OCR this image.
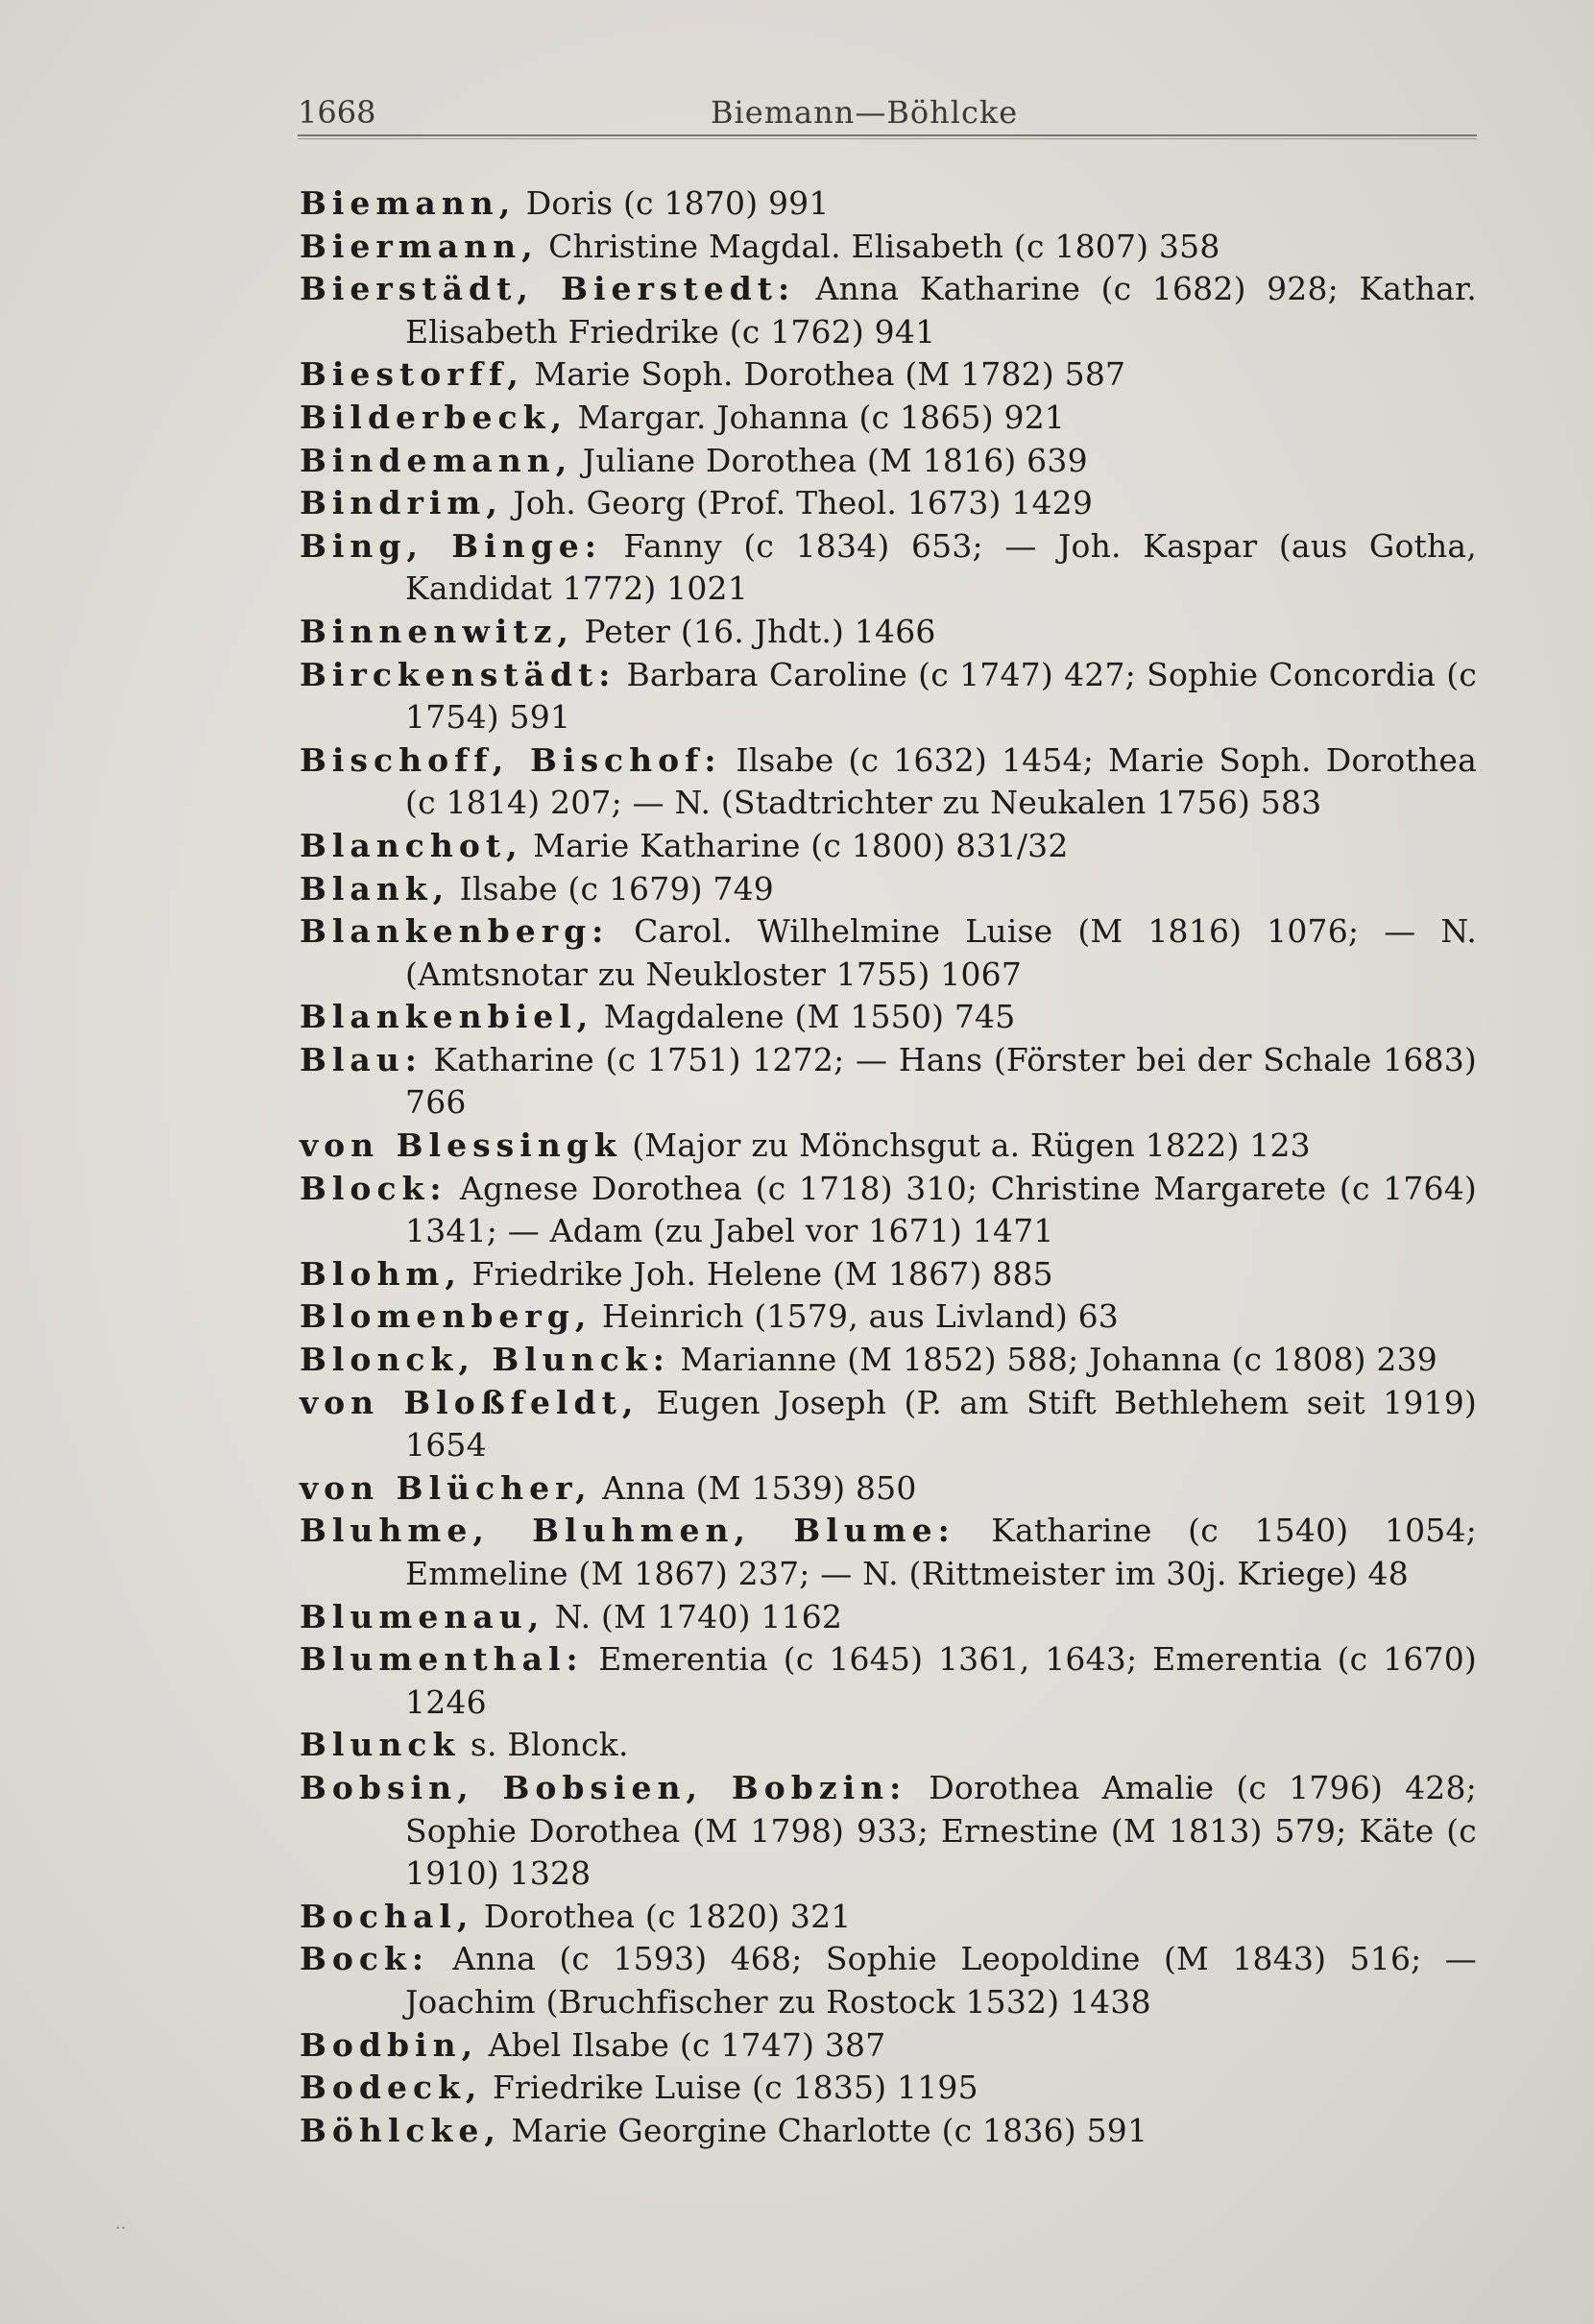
1668	Biemann—Böhlcke
Biemann, Doris (c 1870) 991
Biermann, Christine Magdal. Elisabeth (c 1807) 358
Bierstädt, Bierstedt: Anna Katharine (c 1682) 928; Kathar. Elisabeth Friedrike (c 1762) 941
Biestorff, Marie Soph. Dorothea (M 1782) 587
Bilderbeck, Margar. Johanna (c 1865) 921
Bindemann, Juliane Dorothea (M 1816) 639
Bindrim, Joh. Georg (Prof. Theol. 1673) 1429
Bing, Binge: Fanny (c 1834) 653; — Joh. Kaspar (aus Gotha, Kandidat 1772) 1021
Binnenwitz, Peter (16. Jhdt.) 1466
Birckenstädt: Barbara Caroline (c 1747) 427; Sophie Concordia (c 1754) 591
Bischoff, Bischof: Ilsabe (c 1632) 1454; Marie Soph. Dorothea (c 1814) 207; — N. (Stadtrichter zu Neukalen 1756) 583
Blanchot, Marie Katharine (c 1800) 831/32
Blank, Ilsabe (c 1679) 749
Blankenberg: Carol. Wilhelmine Luise (M 1816) 1076; — N. (Amtsnotar zu Neukloster 1755) 1067
Blankenbiel, Magdalene (M 1550) 745
Blau: Katharine (c 1751) 1272; — Hans (Förster bei der Schale 1683) 766
von Blessingk (Major zu Mönchsgut a. Rügen 1822) 123
Block: Agnese Dorothea (c 1718) 310; Christine Margarete (c 1764) 1341; — Adam (zu Jabel vor 1671) 1471
Blohm, Friedrike Joh. Helene (M 1867) 885
Blomenberg, Heinrich (1579, aus Livland) 63
Blonck, Blunck: Marianne (M 1852) 588; Johanna (c 1808) 239
von Bloßfeldt, Eugen Joseph (P. am Stift Bethlehem seit 1919) 1654
von Blücher, Anna (M 1539) 850
Bluhme, Bluhmen, Blume: Katharine (c 1540) 1054; Emmeline (M 1867) 237; — N. (Rittmeister im 30j. Kriege) 48
Blumenau, N. (M 1740) 1162
Blumenthal: Emerentia (c 1645) 1361, 1643; Emerentia (c 1670) 1246
Blunck s. Blonck.
Bobsin, Bobsien, Bobzin: Dorothea Amalie (c 1796) 428; Sophie Dorothea (M 1798) 933; Ernestine (M 1813) 579; Käte (c 1910) 1328
Bochal, Dorothea (c 1820) 321
Bock: Anna (c 1593) 468; Sophie Leopoldine (M 1843) 516; — Joachim (Bruchfischer zu Rostock 1532) 1438
Bodbin, Abel Ilsabe (c 1747) 387
Bodeck, Friedrike Luise (c 1835) 1195
Böhlcke, Marie Georgine Charlotte (c 1836) 591
··
